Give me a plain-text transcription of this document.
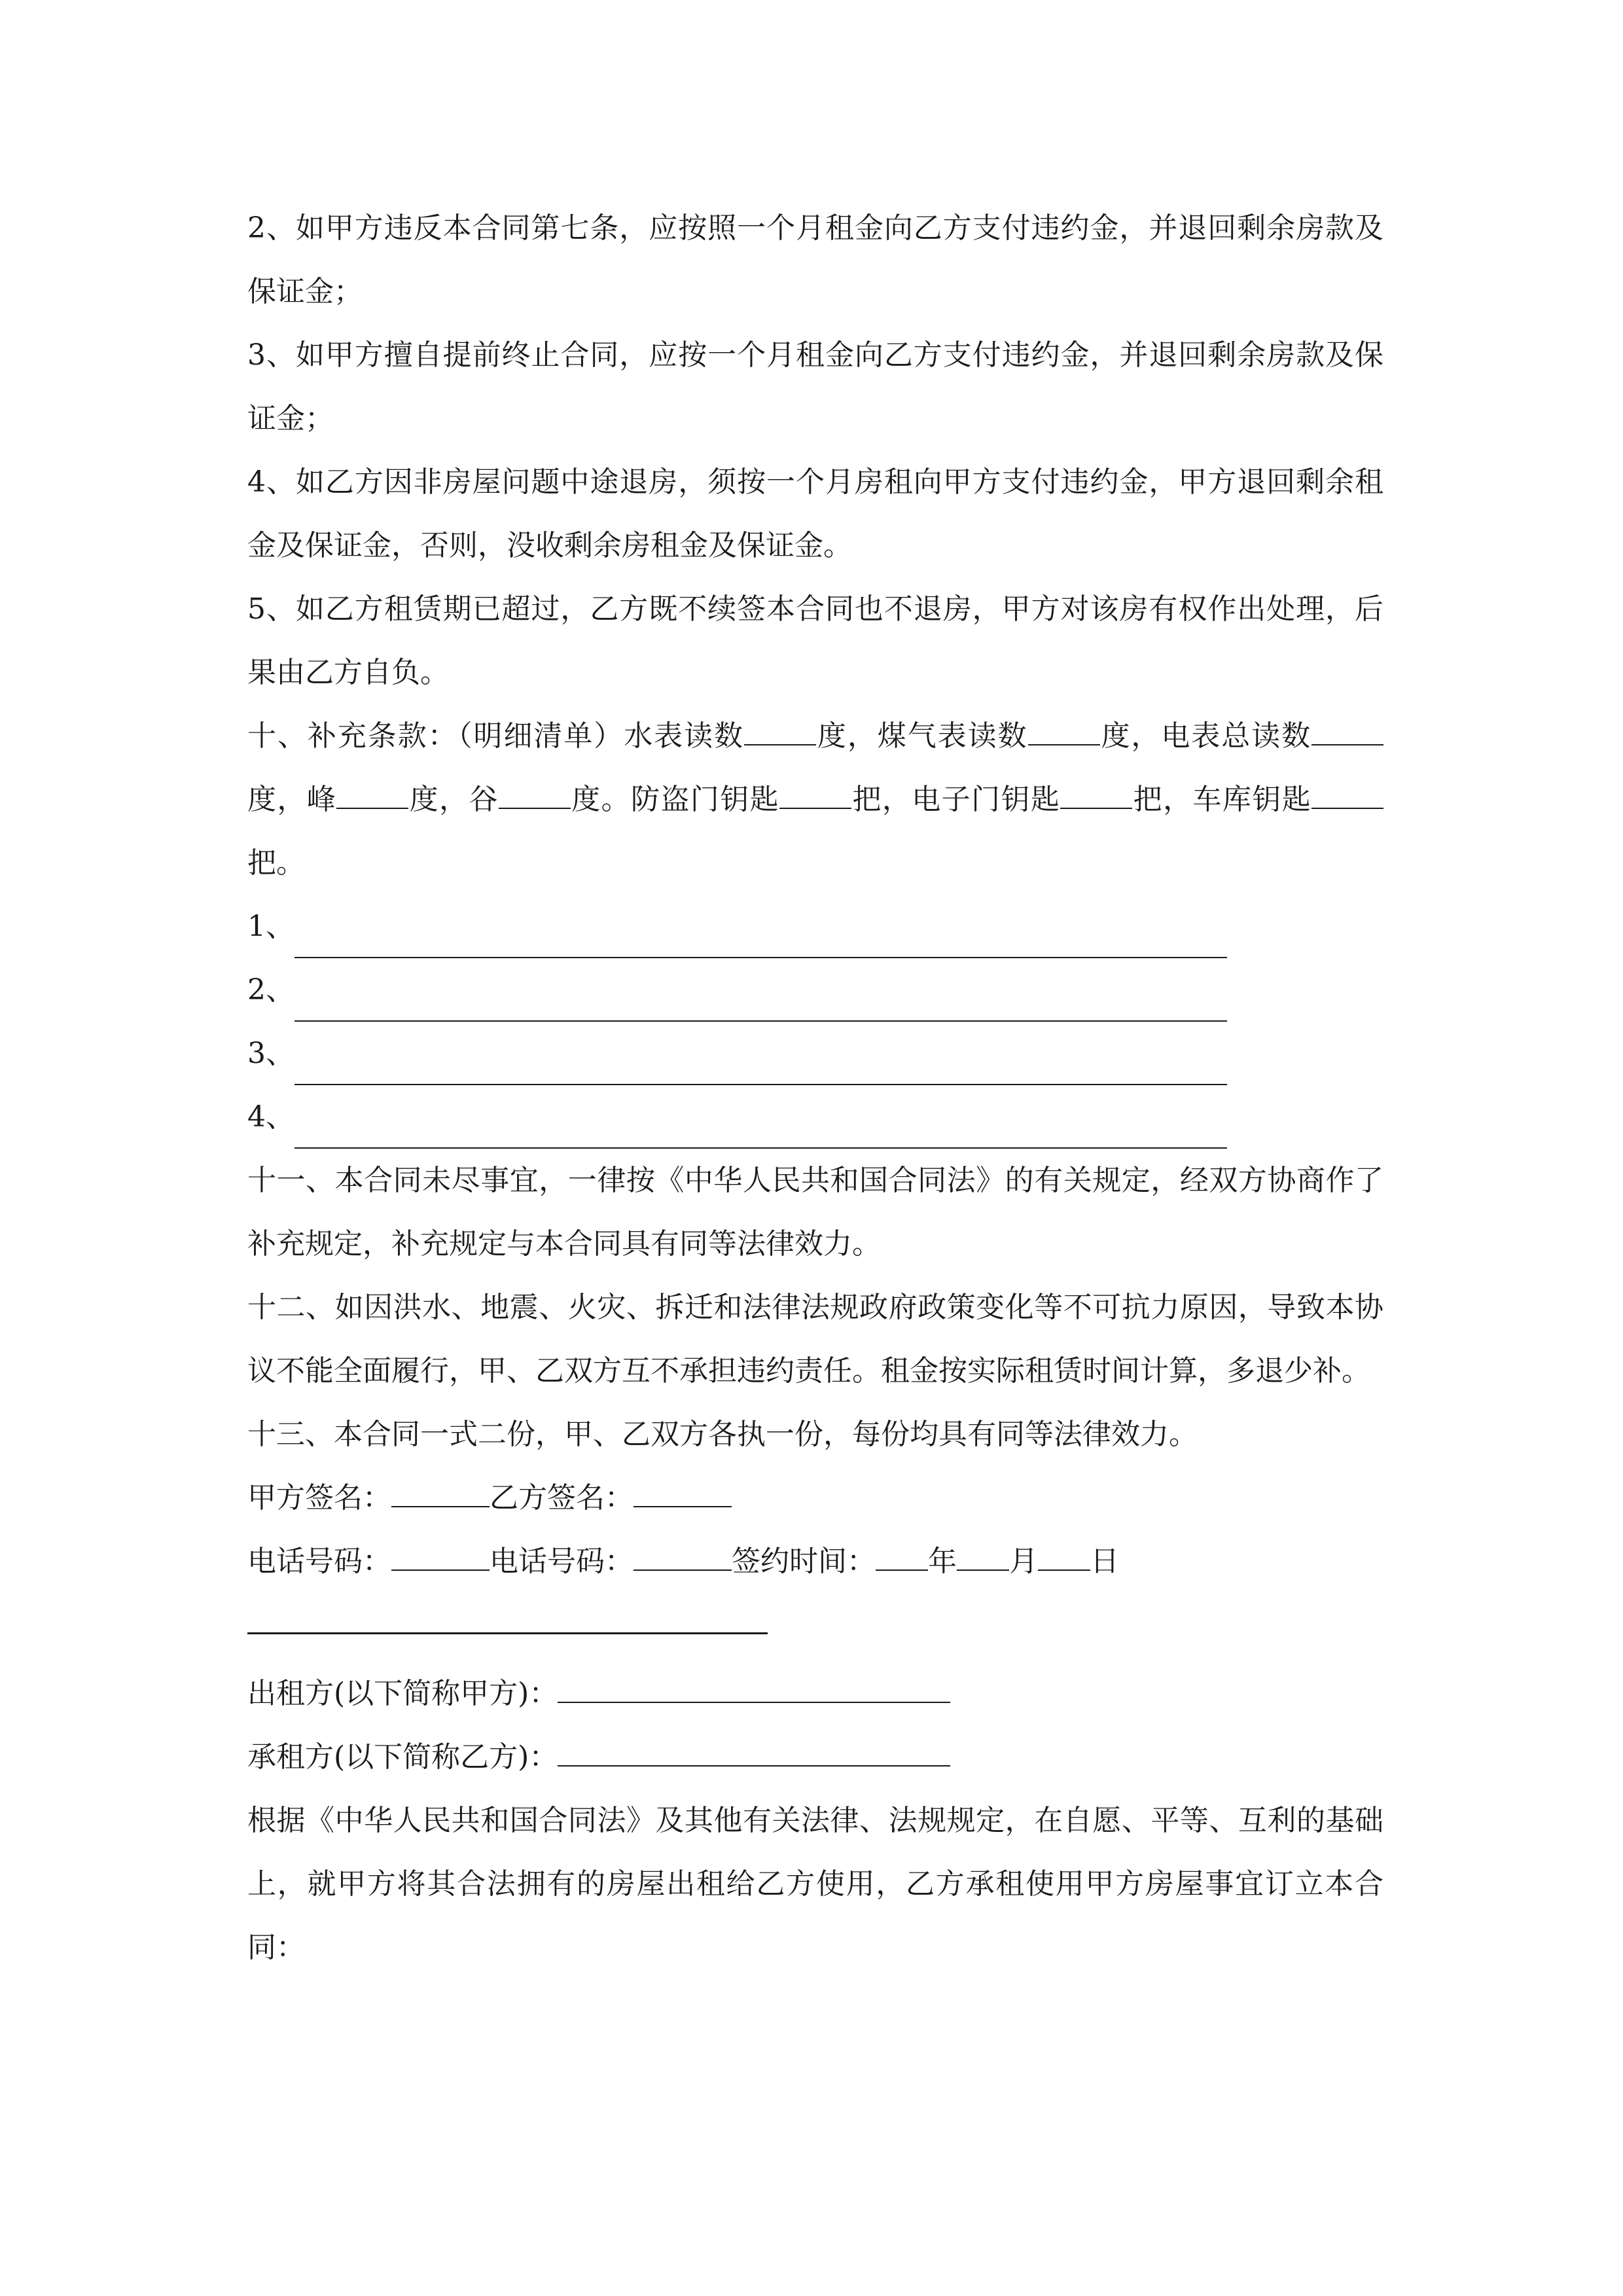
2、如甲方违反本合同第七条，应按照一个月租金向乙方支付违约金，并退回剩余房款及保证金；

3、如甲方擅自提前终止合同，应按一个月租金向乙方支付违约金，并退回剩余房款及保证金；

4、如乙方因非房屋问题中途退房，须按一个月房租向甲方支付违约金，甲方退回剩余租金及保证金，否则，没收剩余房租金及保证金。

5、如乙方租赁期已超过，乙方既不续签本合同也不退房，甲方对该房有权作出处理，后果由乙方自负。

十、补充条款：（明细清单）水表读数	度，煤气表读数	度，电表总读数度，峰	度，谷	度。防盗门钥匙	把，电子门钥匙	把，车库钥匙把。

1、
2、
3、
4、

十一、本合同未尽事宜，一律按《中华人民共和国合同法》的有关规定，经双方协商作了补充规定，补充规定与本合同具有同等法律效力。

十二、如因洪水、地震、火灾、拆迁和法律法规政府政策变化等不可抗力原因，导致本协议不能全面履行，甲、乙双方互不承担违约责任。租金按实际租赁时间计算，多退少补。

十三、本合同一式二份，甲、乙双方各执一份，每份均具有同等法律效力。

甲方签名：	乙方签名：

电话号码：	电话号码：	签约时间： 年 月 日

出租方(以下简称甲方)：

承租方(以下简称乙方)：

根据《中华人民共和国合同法》及其他有关法律、法规规定，在自愿、平等、互利的基础上，就甲方将其合法拥有的房屋出租给乙方使用，乙方承租使用甲方房屋事宜订立本合同：
